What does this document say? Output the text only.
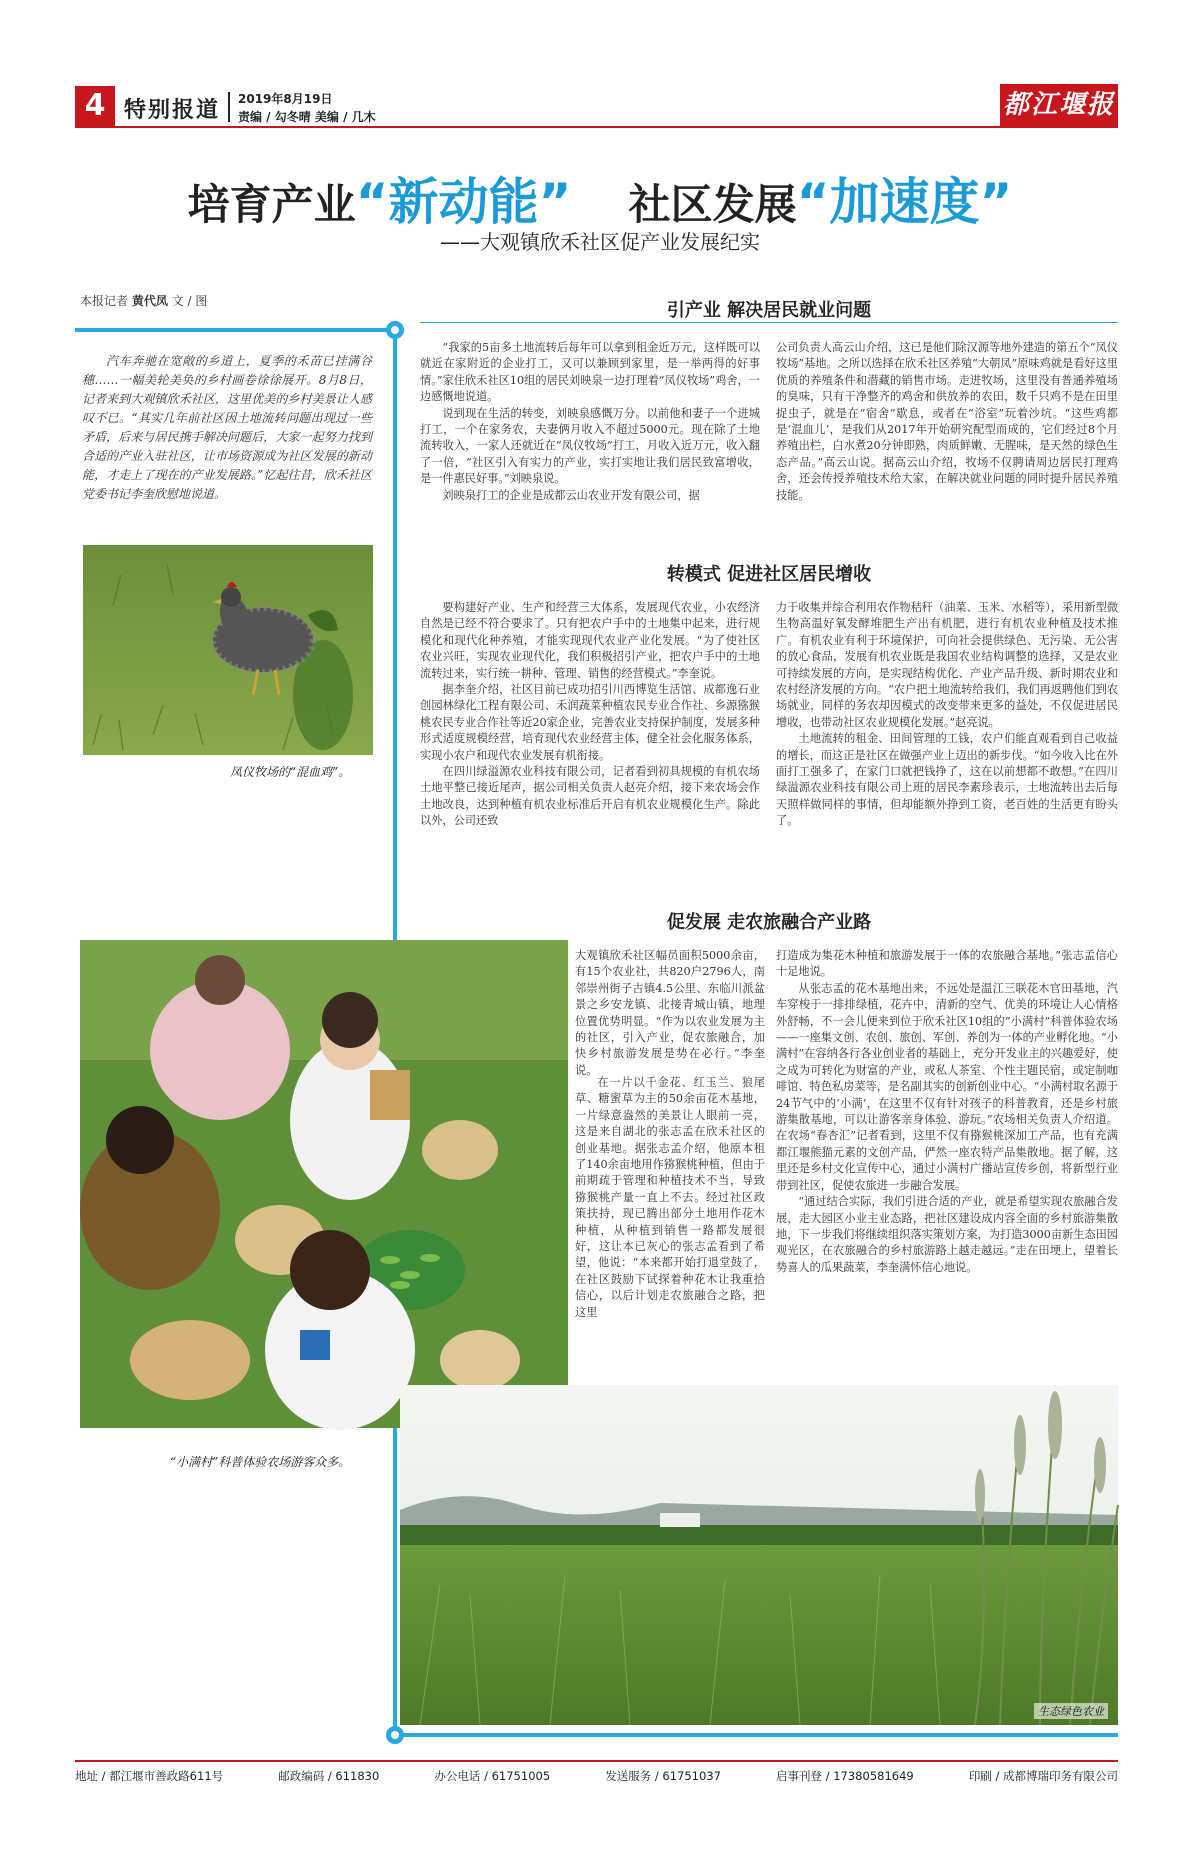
4 特别报道 2019年8月19日
责编 / 勾冬晴 美编 / 几木	都江堰报
培育产业“新动能” 社区发展“加速度”
——大观镇欣禾社区促产业发展纪实
本报记者 黄代凤 文 / 图
汽车奔驰在宽敞的乡道上，夏季的禾苗已挂满谷穗……一幅美轮美奂的乡村画卷徐徐展开。8月8日，记者来到大观镇欣禾社区，这里优美的乡村美景让人感叹不已。“其实几年前社区因土地流转问题出现过一些矛盾，后来与居民携手解决问题后，大家一起努力找到合适的产业入驻社区，让市场资源成为社区发展的新动能，才走上了现在的产业发展路。”忆起往昔，欣禾社区党委书记李奎欣慰地说道。
凤仪牧场的“混血鸡”。
引产业 解决居民就业问题

“我家的5亩多土地流转后每年可以拿到租金近万元，这样既可以就近在家附近的企业打工，又可以兼顾到家里，是一举两得的好事情。”家住欣禾社区10组的居民刘映泉一边打理着“凤仪牧场”鸡舍，一边感慨地说道。

说到现在生活的转变，刘映泉感慨万分。以前他和妻子一个进城打工，一个在家务农，夫妻俩月收入不超过5000元。现在除了土地流转收入，一家人还就近在“凤仪牧场”打工，月收入近万元，收入翻了一倍，“社区引入有实力的产业，实打实地让我们居民致富增收，是一件惠民好事。”刘映泉说。

刘映泉打工的企业是成都云山农业开发有限公司，据

公司负责人高云山介绍，这已是他们除汉源等地外建造的第五个“凤仪牧场”基地。之所以选择在欣禾社区养殖“大朝凤”原味鸡就是看好这里优质的养殖条件和潜藏的销售市场。走进牧场，这里没有普通养殖场的臭味，只有干净整齐的鸡舍和供放养的农田，数千只鸡不是在田里捉虫子，就是在“宿舍”歇息，或者在“浴室”玩着沙坑。“这些鸡都是‘混血儿’，是我们从2017年开始研究配型而成的，它们经过8个月养殖出栏，白水煮20分钟即熟，肉质鲜嫩、无腥味，是天然的绿色生态产品。”高云山说。据高云山介绍，牧场不仅聘请周边居民打理鸡舍，还会传授养殖技术给大家，在解决就业问题的同时提升居民养殖技能。

转模式 促进社区居民增收

要构建好产业、生产和经营三大体系，发展现代农业，小农经济自然是已经不符合要求了。只有把农户手中的土地集中起来，进行规模化和现代化种养殖，才能实现现代农业产业化发展。“为了使社区农业兴旺，实现农业现代化，我们积极招引产业，把农户手中的土地流转过来，实行统一耕种、管理、销售的经营模式。”李奎说。

据李奎介绍，社区目前已成功招引川西博览生活馆、成都逸石业创园林绿化工程有限公司、禾润蔬菜种植农民专业合作社、乡源猕猴桃农民专业合作社等近20家企业，完善农业支持保护制度，发展多种形式适度规模经营，培育现代农业经营主体，健全社会化服务体系，实现小农户和现代农业发展有机衔接。

在四川绿溢源农业科技有限公司，记者看到初具规模的有机农场土地平整已接近尾声，据公司相关负责人赵亮介绍，接下来农场会作土地改良，达到种植有机农业标准后开启有机农业规模化生产。除此以外，公司还致

力于收集并综合利用农作物秸秆（油菜、玉米、水稻等），采用新型微生物高温好氧发酵堆肥生产出有机肥，进行有机农业种植及技术推广。有机农业有利于环境保护，可向社会提供绿色、无污染、无公害的放心食品，发展有机农业既是我国农业结构调整的选择，又是农业可持续发展的方向，是实现结构优化、产业产品升级、新时期农业和农村经济发展的方向。“农户把土地流转给我们，我们再返聘他们到农场就业，同样的务农却因模式的改变带来更多的益处，不仅促进居民增收，也带动社区农业规模化发展。”赵亮说。

土地流转的租金、田间管理的工钱，农户们能直观看到自己收益的增长，而这正是社区在做强产业上迈出的新步伐。“如今收入比在外面打工强多了，在家门口就把钱挣了，这在以前想都不敢想。”在四川绿溢源农业科技有限公司上班的居民李素珍表示，土地流转出去后每天照样做同样的事情，但却能额外挣到工资，老百姓的生活更有盼头了。

促发展 走农旅融合产业路
“小满村”科普体验农场游客众多。

大观镇欣禾社区幅员面积5000余亩，有15个农业社，共820户2796人，南邻崇州街子古镇4.5公里、东临川派盆景之乡安龙镇、北接青城山镇，地理位置优势明显。“作为以农业发展为主的社区，引入产业，促农旅融合，加快乡村旅游发展是势在必行。”李奎说。

在一片以千金花、红玉兰、狼尾草、糖蜜草为主的50余亩花木基地，一片绿意盎然的美景让人眼前一亮，这是来自湖北的张志孟在欣禾社区的创业基地。据张志孟介绍，他原本租了140余亩地用作猕猴桃种植，但由于前期疏于管理和种植技术不当，导致猕猴桃产量一直上不去。经过社区政策扶持，现已腾出部分土地用作花木种植，从种植到销售一路都发展很好，这让本已灰心的张志孟看到了希望，他说：“本来都开始打退堂鼓了，在社区鼓励下试探着种花木让我重拾信心，以后计划走农旅融合之路，把这里

打造成为集花木种植和旅游发展于一体的农旅融合基地。”张志孟信心十足地说。

从张志孟的花木基地出来，不远处是温江三联花木官田基地，汽车穿梭于一排排绿植，花卉中，清新的空气、优美的环境让人心情格外舒畅，不一会儿便来到位于欣禾社区10组的“小满村”科普体验农场——一座集文创、农创、旅创、军创、养创为一体的产业孵化地。“小满村”在容纳各行各业创业者的基础上，充分开发业主的兴趣爱好，使之成为可转化为财富的产业，或私人茶室、个性主题民宿，或定制咖啡馆、特色私房菜等，是名副其实的创新创业中心。“小满村取名源于24节气中的‘小满’，在这里不仅有针对孩子的科普教育，还是乡村旅游集散基地，可以让游客亲身体验、游玩。”农场相关负责人介绍道。在农场“春杏汇”记者看到，这里不仅有猕猴桃深加工产品，也有充满都江堰熊猫元素的文创产品，俨然一座农特产品集散地。据了解，这里还是乡村文化宣传中心，通过小满村广播站宣传乡创，将新型行业带到社区，促使农旅进一步融合发展。

“通过结合实际，我们引进合适的产业，就是希望实现农旅融合发展，走大园区小业主业态路，把社区建设成内容全面的乡村旅游集散地，下一步我们将继续组织落实策划方案，为打造3000亩新生态田园观光区，在农旅融合的乡村旅游路上越走越远。”走在田埂上，望着长势喜人的瓜果蔬菜，李奎满怀信心地说。

生态绿色农业
地址 / 都江堰市善政路611号	邮政编码 / 611830	办公电话 / 61751005	发送服务 / 61751037	启事刊登 / 17380581649	印刷 / 成都博瑞印务有限公司
